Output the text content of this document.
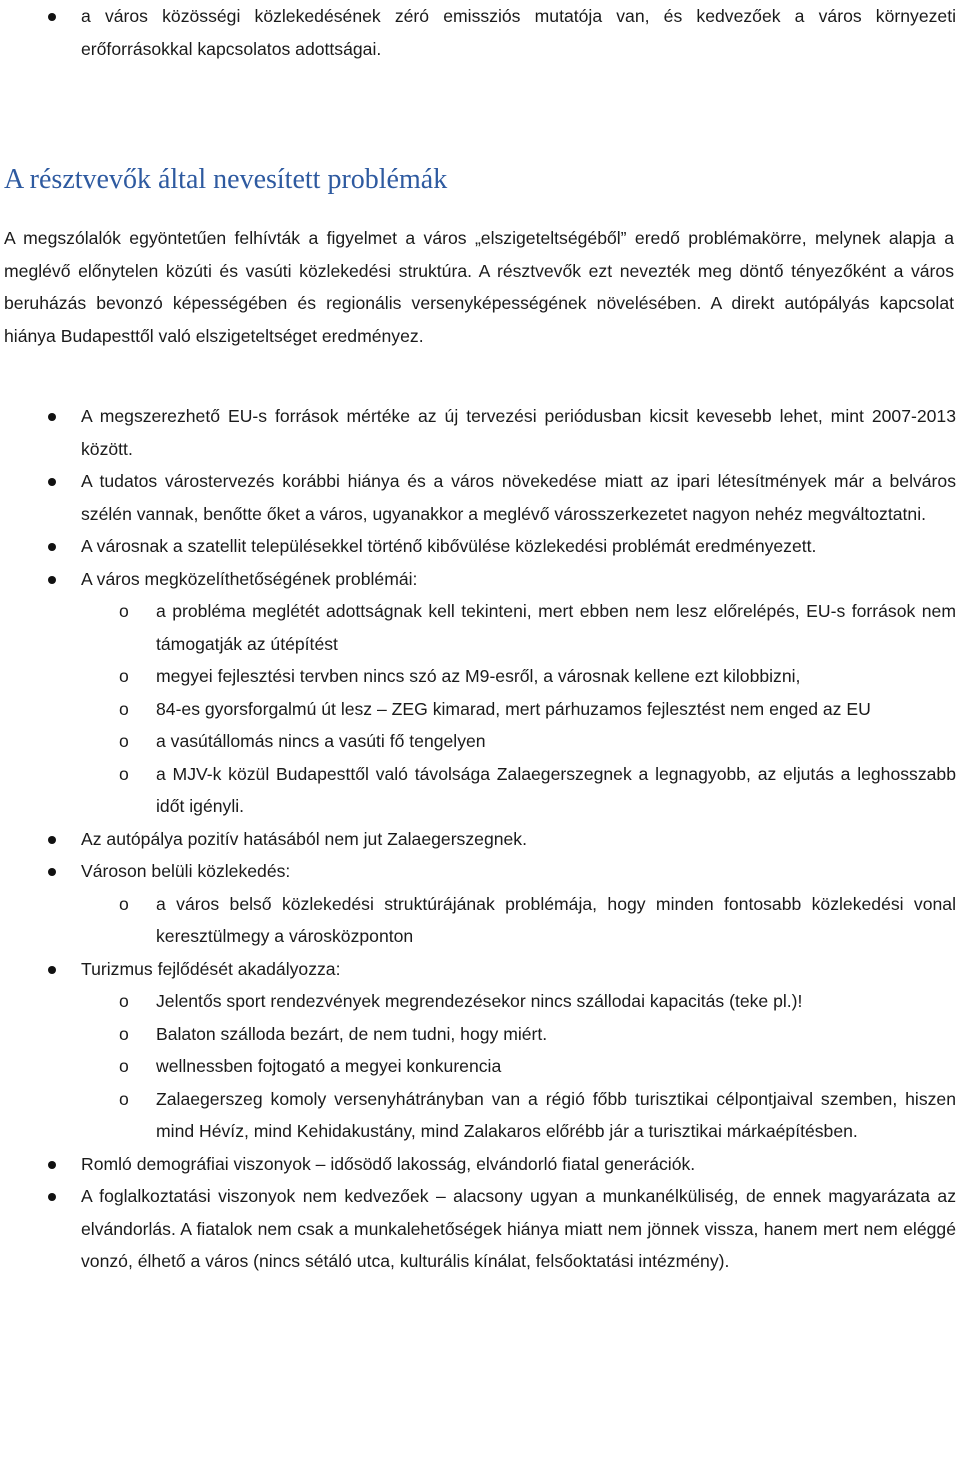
a város közösségi közlekedésének zéró emissziós mutatója van, és kedvezőek a város környezeti erőforrásokkal kapcsolatos adottságai.
A résztvevők által nevesített problémák

A megszólalók egyöntetűen felhívták a figyelmet a város „elszigeteltségéből” eredő problémakörre, melynek alapja a meglévő előnytelen közúti és vasúti közlekedési struktúra. A résztvevők ezt nevezték meg döntő tényezőként a város beruházás bevonzó képességében és regionális versenyképességének növelésében. A direkt autópályás kapcsolat hiánya Budapesttől való elszigeteltséget eredményez.

A megszerezhető EU-s források mértéke az új tervezési periódusban kicsit kevesebb lehet, mint 2007-2013 között.
A tudatos várostervezés korábbi hiánya és a város növekedése miatt az ipari létesítmények már a belváros szélén vannak, benőtte őket a város, ugyanakkor a meglévő városszerkezetet nagyon nehéz megváltoztatni.
A városnak a szatellit településekkel történő kibővülése közlekedési problémát eredményezett.
A város megközelíthetőségének problémái:
o a probléma meglétét adottságnak kell tekinteni, mert ebben nem lesz előrelépés, EU-s források nem támogatják az útépítést
o megyei fejlesztési tervben nincs szó az M9-esről, a városnak kellene ezt kilobbizni,
o 84-es gyorsforgalmú út lesz – ZEG kimarad, mert párhuzamos fejlesztést nem enged az EU
o a vasútállomás nincs a vasúti fő tengelyen
o a MJV-k közül Budapesttől való távolsága Zalaegerszegnek a legnagyobb, az eljutás a leghosszabb időt igényli.
Az autópálya pozitív hatásából nem jut Zalaegerszegnek.
Városon belüli közlekedés:
o a város belső közlekedési struktúrájának problémája, hogy minden fontosabb közlekedési vonal keresztülmegy a városközponton
Turizmus fejlődését akadályozza:
o Jelentős sport rendezvények megrendezésekor nincs szállodai kapacitás (teke pl.)!
o Balaton szálloda bezárt, de nem tudni, hogy miért.
o wellnessben fojtogató a megyei konkurencia
o Zalaegerszeg komoly versenyhátrányban van a régió főbb turisztikai célpontjaival szemben, hiszen mind Hévíz, mind Kehidakustány, mind Zalakaros előrébb jár a turisztikai márkaépítésben.
Romló demográfiai viszonyok – idősödő lakosság, elvándorló fiatal generációk.
A foglalkoztatási viszonyok nem kedvezőek – alacsony ugyan a munkanélküliség, de ennek magyarázata az elvándorlás. A fiatalok nem csak a munkalehetőségek hiánya miatt nem jönnek vissza, hanem mert nem eléggé vonzó, élhető a város (nincs sétáló utca, kulturális kínálat, felsőoktatási intézmény).
